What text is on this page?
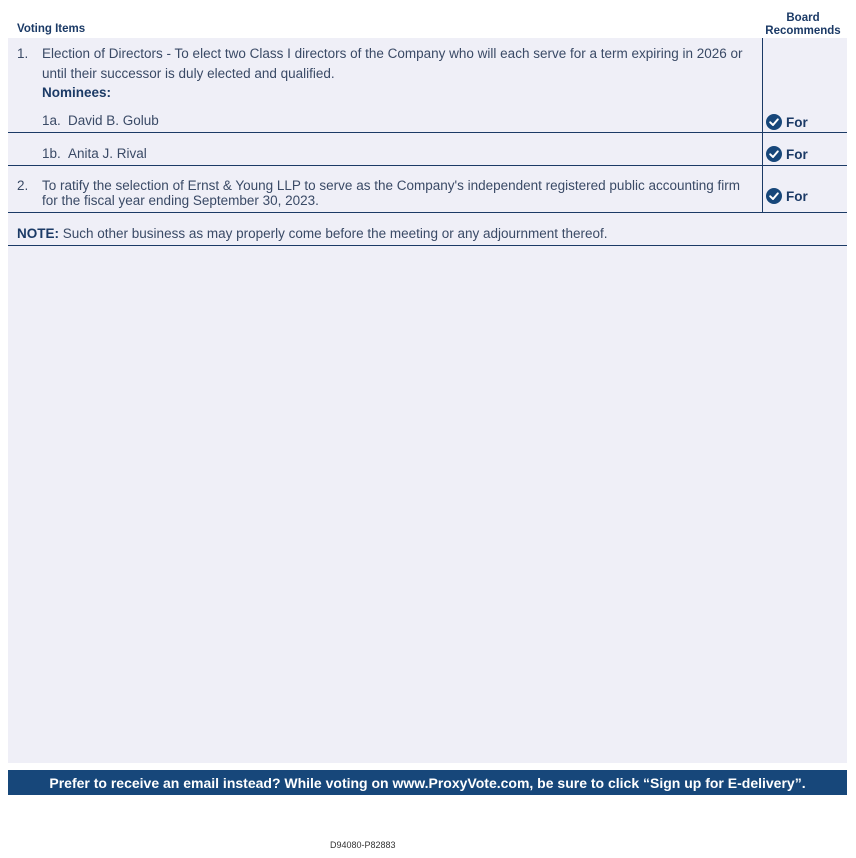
Voting Items
Board
Recommends
1. Election of Directors - To elect two Class I directors of the Company who will each serve for a term expiring in 2026 or
until their successor is duly elected and qualified.
Nominees:
1a. David B. Golub	For
1b. Anita J. Rival	For
2. To ratify the selection of Ernst & Young LLP to serve as the Company's independent registered public accounting firm
for the fiscal year ending September 30, 2023.	For
NOTE: Such other business as may properly come before the meeting or any adjournment thereof.
Prefer to receive an email instead? While voting on www.ProxyVote.com, be sure to click “Sign up for E-delivery”.
D94080-P82883
